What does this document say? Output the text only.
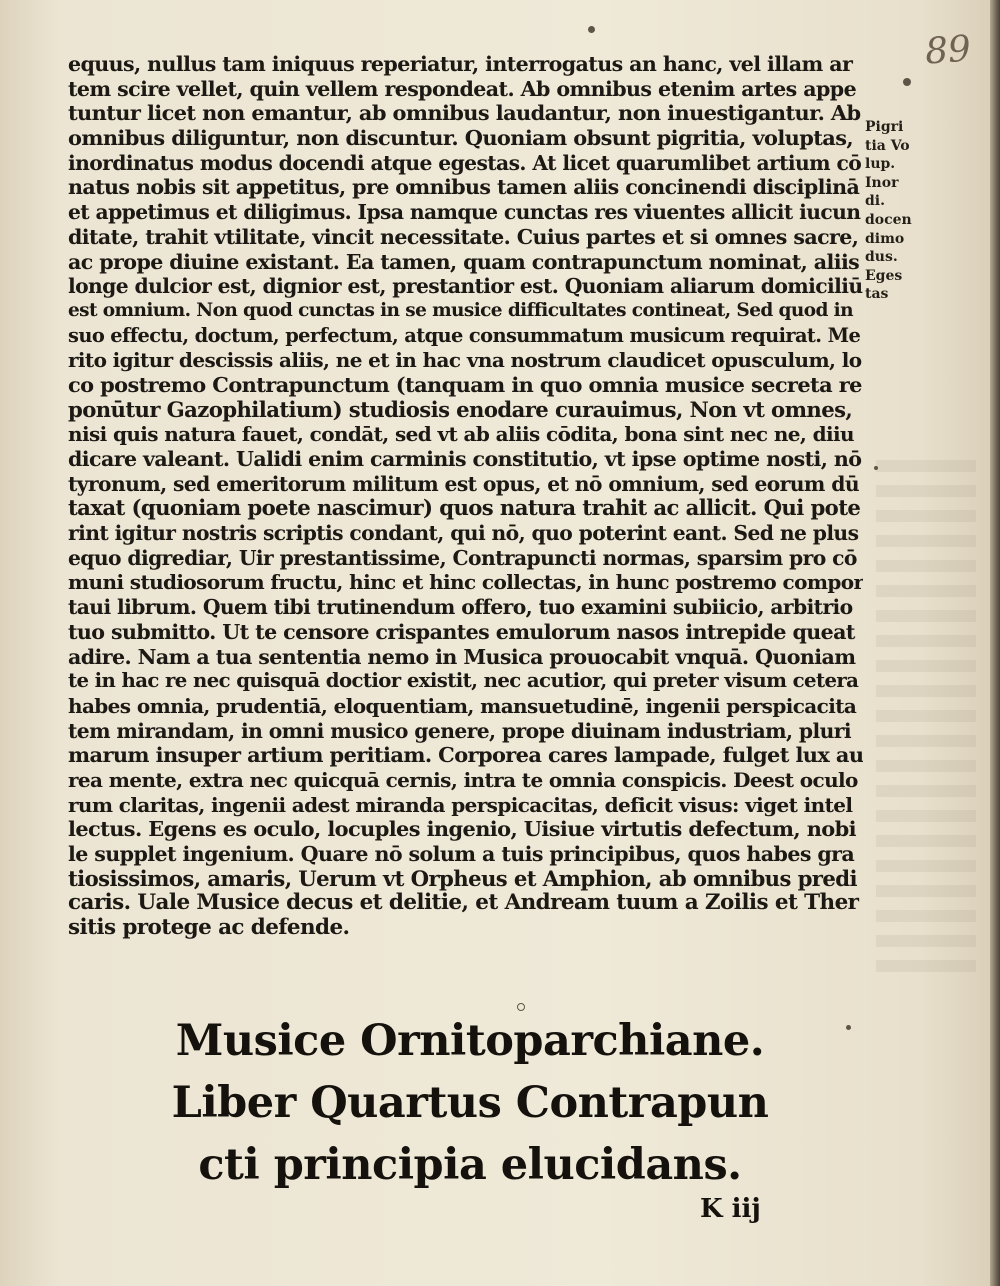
89
equus, nullus tam iniquus reperiatur, interrogatus an hanc, vel illam ar
tem scire vellet, quin vellem respondeat. Ab omnibus etenim artes appe
tuntur licet non emantur, ab omnibus laudantur, non inuestigantur. Ab
omnibus diliguntur, non discuntur. Quoniam obsunt pigritia, voluptas,
inordinatus modus docendi atque egestas. At licet quarumlibet artium cō
natus nobis sit appetitus, pre omnibus tamen aliis concinendi disciplinā
et appetimus et diligimus. Ipsa namque cunctas res viuentes allicit iucun
ditate, trahit vtilitate, vincit necessitate. Cuius partes et si omnes sacre,
ac prope diuine existant. Ea tamen, quam contrapunctum nominat, aliis
longe dulcior est, dignior est, prestantior est. Quoniam aliarum domiciliū
est omnium. Non quod cunctas in se musice difficultates contineat, Sed quod in
suo effectu, doctum, perfectum, atque consummatum musicum requirat. Me
rito igitur descissis aliis, ne et in hac vna nostrum claudicet opusculum, lo
co postremo Contrapunctum (tanquam in quo omnia musice secreta re
ponūtur Gazophilatium) studiosis enodare curauimus, Non vt omnes,
nisi quis natura fauet, condāt, sed vt ab aliis cōdita, bona sint nec ne, diiu
dicare valeant. Ualidi enim carminis constitutio, vt ipse optime nosti, nō
tyronum, sed emeritorum militum est opus, et nō omnium, sed eorum dū
taxat (quoniam poete nascimur) quos natura trahit ac allicit. Qui pote
rint igitur nostris scriptis condant, qui nō, quo poterint eant. Sed ne plus
equo digrediar, Uir prestantissime, Contrapuncti normas, sparsim pro cō
muni studiosorum fructu, hinc et hinc collectas, in hunc postremo compor
taui librum. Quem tibi trutinendum offero, tuo examini subiicio, arbitrio
tuo submitto. Ut te censore crispantes emulorum nasos intrepide queat
adire. Nam a tua sententia nemo in Musica prouocabit vnquā. Quoniam
te in hac re nec quisquā doctior existit, nec acutior, qui preter visum cetera
habes omnia, prudentiā, eloquentiam, mansuetudinē, ingenii perspicacita
tem mirandam, in omni musico genere, prope diuinam industriam, pluri
marum insuper artium peritiam. Corporea cares lampade, fulget lux au
rea mente, extra nec quicquā cernis, intra te omnia conspicis. Deest oculo
rum claritas, ingenii adest miranda perspicacitas, deficit visus: viget intel
lectus. Egens es oculo, locuples ingenio, Uisiue virtutis defectum, nobi
le supplet ingenium. Quare nō solum a tuis principibus, quos habes gra
tiosissimos, amaris, Uerum vt Orpheus et Amphion, ab omnibus predi
caris. Uale Musice decus et delitie, et Andream tuum a Zoilis et Ther
sitis protege ac defende.
Pigri
tia Vo
lup.
Inor
di.
docen
dimo
dus.
Eges
tas
Musice Ornitoparchiane.
Liber Quartus Contrapun
cti principia elucidans.
K iij
